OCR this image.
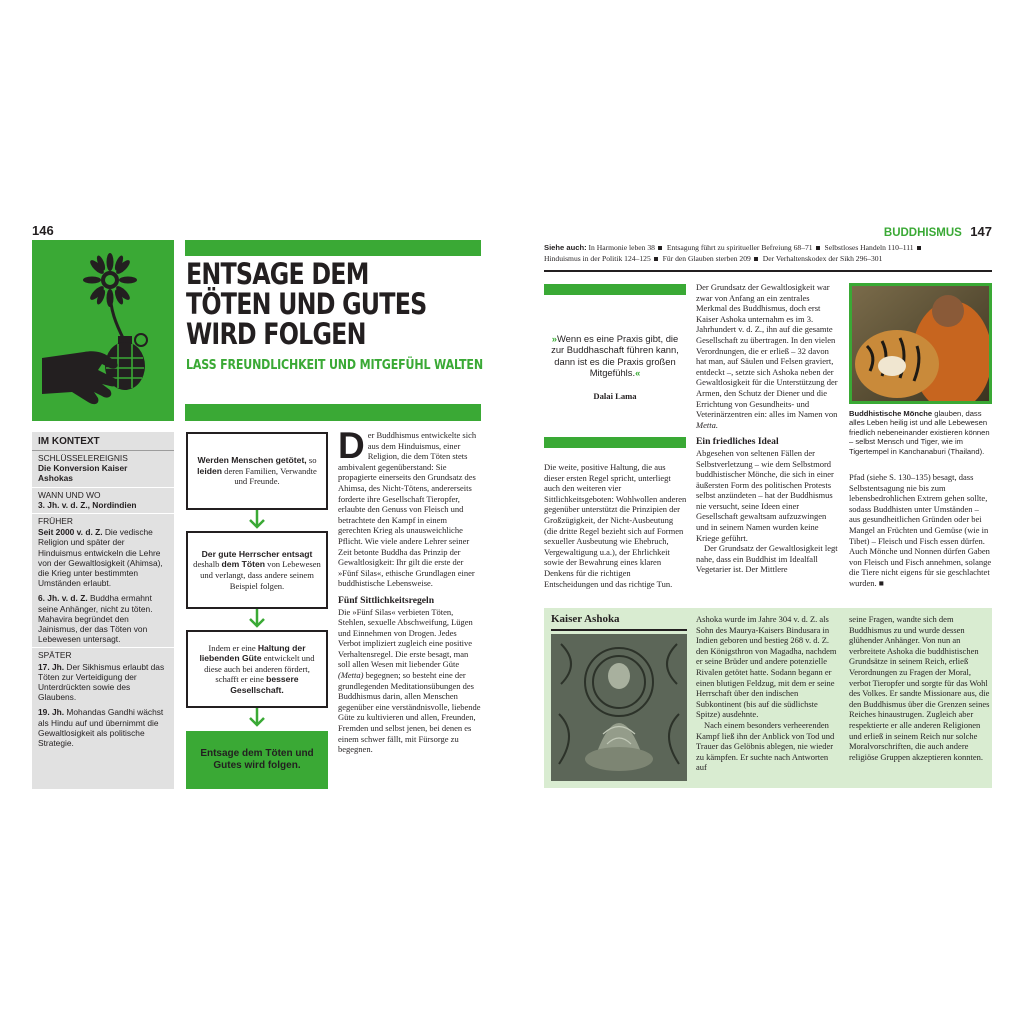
146
ENTSAGE DEM
TÖTEN UND GUTES
WIRD FOLGEN
LASS FREUNDLICHKEIT UND MITGEFÜHL WALTEN
IM KONTEXT
SCHLÜSSELEREIGNIS
Die Konversion Kaiser Ashokas
WANN UND WO
3. Jh. v. d. Z., Nordindien
FRÜHER
Seit 2000 v. d. Z. Die vedische Religion und später der Hinduismus entwickeln die Lehre von der Gewaltlosigkeit (Ahimsa), die Krieg unter bestimmten Umständen erlaubt.
6. Jh. v. d. Z. Buddha ermahnt seine Anhänger, nicht zu töten. Mahavira begründet den Jainismus, der das Töten von Lebewesen untersagt.
SPÄTER
17. Jh. Der Sikhismus erlaubt das Töten zur Verteidigung der Unterdrückten sowie des Glaubens.
19. Jh. Mohandas Gandhi wächst als Hindu auf und übernimmt die Gewaltlosigkeit als politische Strategie.
Werden Menschen getötet, so leiden deren Familien, Verwandte und Freunde.
Der gute Herrscher entsagt deshalb dem Töten von Lebewesen und verlangt, dass andere seinem Beispiel folgen.
Indem er eine Haltung der liebenden Güte entwickelt und diese auch bei anderen fördert, schafft er eine bessere Gesellschaft.
Entsage dem Töten und Gutes wird folgen.

Der Buddhismus entwickelte sich aus dem Hinduismus, einer Religion, die dem Töten stets ambivalent gegenüberstand: Sie propagierte einerseits den Grundsatz des Ahimsa, des Nicht-Tötens, andererseits forderte ihre Gesellschaft Tieropfer, erlaubte den Genuss von Fleisch und betrachtete den Kampf in einem gerechten Krieg als unausweichliche Pflicht. Wie viele andere Lehrer seiner Zeit betonte Buddha das Prinzip der Gewaltlosigkeit: Ihr gilt die erste der »Fünf Silas«, ethische Grundlagen einer buddhistische Lebensweise.

Fünf Sittlichkeitsregeln

Die »Fünf Silas« verbieten Töten, Stehlen, sexuelle Abschweifung, Lügen und Einnehmen von Drogen. Jedes Verbot impliziert zugleich eine positive Verhaltensregel. Die erste besagt, man soll allen Wesen mit liebender Güte (Metta) begegnen; so besteht eine der grundlegenden Meditationsübungen des Buddhismus darin, allen Menschen gegenüber eine verständnisvolle, liebende Güte zu kultivieren und allen, Freunden, Fremden und selbst jenen, bei denen es einem schwer fällt, mit Fürsorge zu begegnen.

BUDDHISMUS 147
Siehe auch: In Harmonie leben 38 Entsagung führt zu spiritueller Befreiung 68–71 Selbstloses Handeln 110–111
Hinduismus in der Politik 124–125 Für den Glauben sterben 209 Der Verhaltenskodex der Sikh 296–301
»Wenn es eine Praxis gibt, die zur Buddhaschaft führen kann, dann ist es die Praxis großen Mitgefühls.«
Dalai Lama

Die weite, positive Haltung, die aus dieser ersten Regel spricht, unterliegt auch den weiteren vier Sittlichkeitsgeboten: Wohlwollen anderen gegenüber unterstützt die Prinzipien der Großzügigkeit, der Nicht-Ausbeutung (die dritte Regel bezieht sich auf Formen sexueller Ausbeutung wie Ehebruch, Vergewaltigung u.a.), der Ehrlichkeit sowie der Bewahrung eines klaren Denkens für die richtigen Entscheidungen und das richtige Tun.

Der Grundsatz der Gewaltlosigkeit war zwar von Anfang an ein zentrales Merkmal des Buddhismus, doch erst Kaiser Ashoka unternahm es im 3. Jahrhundert v. d. Z., ihn auf die gesamte Gesellschaft zu übertragen. In den vielen Verordnungen, die er erließ – 32 davon hat man, auf Säulen und Felsen graviert, entdeckt –, setzte sich Ashoka neben der Gewaltlosigkeit für die Unterstützung der Armen, den Schutz der Diener und die Errichtung von Gesundheits- und Veterinärzentren ein: alles im Namen von Metta.

Ein friedliches Ideal

Abgesehen von seltenen Fällen der Selbstverletzung – wie dem Selbstmord buddhistischer Mönche, die sich in einer äußersten Form des politischen Protests selbst anzündeten – hat der Buddhismus nie versucht, seine Ideen einer Gesellschaft gewaltsam aufzuzwingen und in seinem Namen wurden keine Kriege geführt.

Der Grundsatz der Gewaltlosigkeit legt nahe, dass ein Buddhist im Idealfall Vegetarier ist. Der Mittlere

Buddhistische Mönche glauben, dass alles Leben heilig ist und alle Lebewesen friedlich nebeneinander existieren können – selbst Mensch und Tiger, wie im Tigertempel in Kanchanaburi (Thailand).

Pfad (siehe S. 130–135) besagt, dass Selbstentsagung nie bis zum lebensbedrohlichen Extrem gehen sollte, sodass Buddhisten unter Umständen – aus gesundheitlichen Gründen oder bei Mangel an Früchten und Gemüse (wie in Tibet) – Fleisch und Fisch essen dürfen. Auch Mönche und Nonnen dürfen Gaben von Fleisch und Fisch annehmen, solange die Tiere nicht eigens für sie geschlachtet wurden. ■

Kaiser Ashoka	Ashoka wurde im Jahre 304 v. d. Z. als Sohn des Maurya-Kaisers Bindusara in Indien geboren und bestieg 268 v. d. Z. den Königsthron von Magadha, nachdem er seine Brüder und andere potenzielle Rivalen getötet hatte. Sodann begann er einen blutigen Feldzug, mit dem er seine Herrschaft über den indischen Subkontinent (bis auf die südlichste Spitze) ausdehnte.

Nach einem besonders verheerenden Kampf ließ ihn der Anblick von Tod und Trauer das Gelöbnis ablegen, nie wieder zu kämpfen. Er suchte nach Antworten auf

seine Fragen, wandte sich dem Buddhismus zu und wurde dessen glühender Anhänger. Von nun an verbreitete Ashoka die buddhistischen Grundsätze in seinem Reich, erließ Verordnungen zu Fragen der Moral, verbot Tieropfer und sorgte für das Wohl des Volkes. Er sandte Missionare aus, die den Buddhismus über die Grenzen seines Reiches hinaustrugen. Zugleich aber respektierte er alle anderen Religionen und erließ in seinem Reich nur solche Moralvorschriften, die auch andere religiöse Gruppen akzeptieren konnten.
